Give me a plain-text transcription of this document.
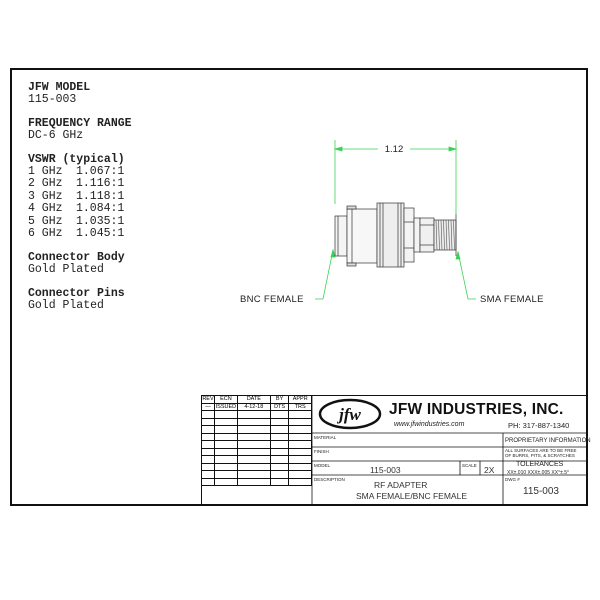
JFW MODEL
115-003
FREQUENCY RANGE
DC-6 GHz
VSWR (typical)
1 GHz 1.067:1
2 GHz 1.116:1
3 GHz 1.118:1
4 GHz 1.084:1
5 GHz 1.035:1
6 GHz 1.045:1
Connector Body
Gold Plated
Connector Pins
Gold Plated
1.12
BNC FEMALE	SMA FEMALE
REV	ECN	DATE	BY	APPR
—	ISSUED	4-12-18	DTS	TRS

				jfw JFW INDUSTRIES, INC.
www.jfwindustries.com	PH: 317-887-1340
MATERIAL
FINISH
MODEL	115-003	SCALE 2X
DESCRIPTION
RF ADAPTER
SMA FEMALE/BNC FEMALE
PROPRIETARY INFORMATION
ALL SURFACES ARE TO BE FREE
OF BURRS, PITS, & SCRATCHES
TOLERANCES
XX±.010 XXX±.005 XX°±.5°
DWG #
115-003
